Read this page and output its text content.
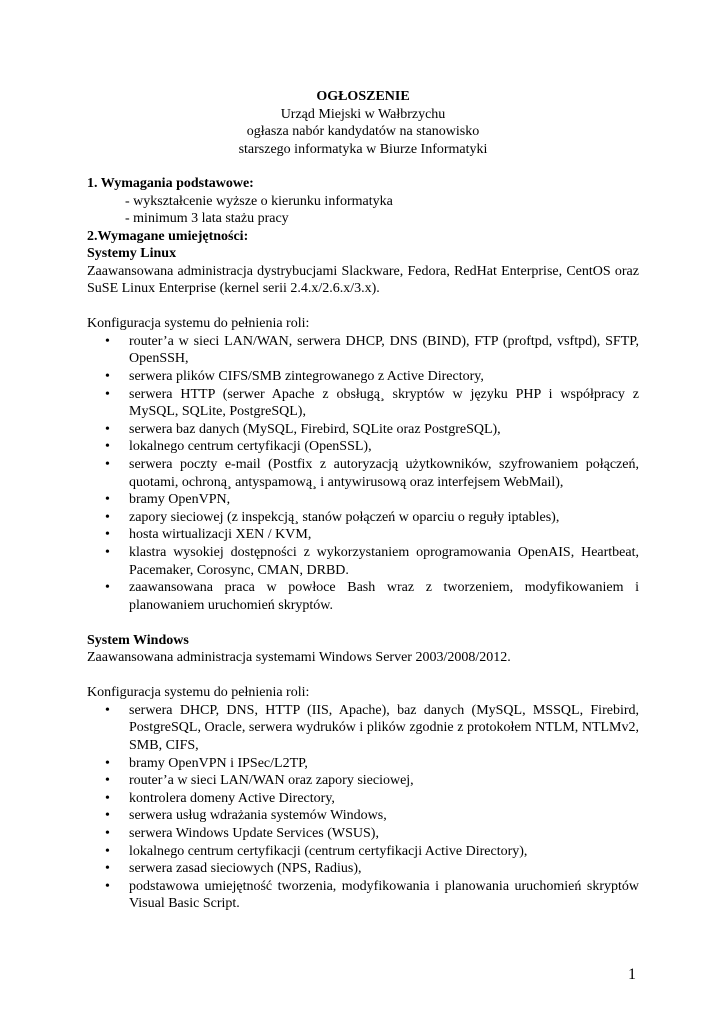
OGŁOSZENIE
Urząd Miejski w Wałbrzychu
ogłasza nabór kandydatów na stanowisko
starszego informatyka w Biurze Informatyki
1. Wymagania podstawowe:
- wykształcenie wyższe o kierunku informatyka
- minimum 3 lata stażu pracy
2.Wymagane umiejętności:
Systemy Linux
Zaawansowana administracja dystrybucjami Slackware, Fedora, RedHat Enterprise, CentOS oraz SuSE Linux Enterprise (kernel serii 2.4.x/2.6.x/3.x).
Konfiguracja systemu do pełnienia roli:
• router’a w sieci LAN/WAN, serwera DHCP, DNS (BIND), FTP (proftpd, vsftpd), SFTP, OpenSSH,
• serwera plików CIFS/SMB zintegrowanego z Active Directory,
• serwera HTTP (serwer Apache z obsługą¸ skryptów w języku PHP i współpracy z MySQL, SQLite, PostgreSQL),
• serwera baz danych (MySQL, Firebird, SQLite oraz PostgreSQL),
• lokalnego centrum certyfikacji (OpenSSL),
• serwera poczty e-mail (Postfix z autoryzacją użytkowników, szyfrowaniem połączeń, quotami, ochroną¸ antyspamową¸ i antywirusową oraz interfejsem WebMail),
• bramy OpenVPN,
• zapory sieciowej (z inspekcją¸ stanów połączeń w oparciu o reguły iptables),
• hosta wirtualizacji XEN / KVM,
• klastra wysokiej dostępności z wykorzystaniem oprogramowania OpenAIS, Heartbeat, Pacemaker, Corosync, CMAN, DRBD.
• zaawansowana praca w powłoce Bash wraz z tworzeniem, modyfikowaniem i planowaniem uruchomień skryptów.
System Windows
Zaawansowana administracja systemami Windows Server 2003/2008/2012.
Konfiguracja systemu do pełnienia roli:
• serwera DHCP, DNS, HTTP (IIS, Apache), baz danych (MySQL, MSSQL, Firebird, PostgreSQL, Oracle, serwera wydruków i plików zgodnie z protokołem NTLM, NTLMv2, SMB, CIFS,
• bramy OpenVPN i IPSec/L2TP,
• router’a w sieci LAN/WAN oraz zapory sieciowej,
• kontrolera domeny Active Directory,
• serwera usług wdrażania systemów Windows,
• serwera Windows Update Services (WSUS),
• lokalnego centrum certyfikacji (centrum certyfikacji Active Directory),
• serwera zasad sieciowych (NPS, Radius),
• podstawowa umiejętność tworzenia, modyfikowania i planowania uruchomień skryptów Visual Basic Script.
1
